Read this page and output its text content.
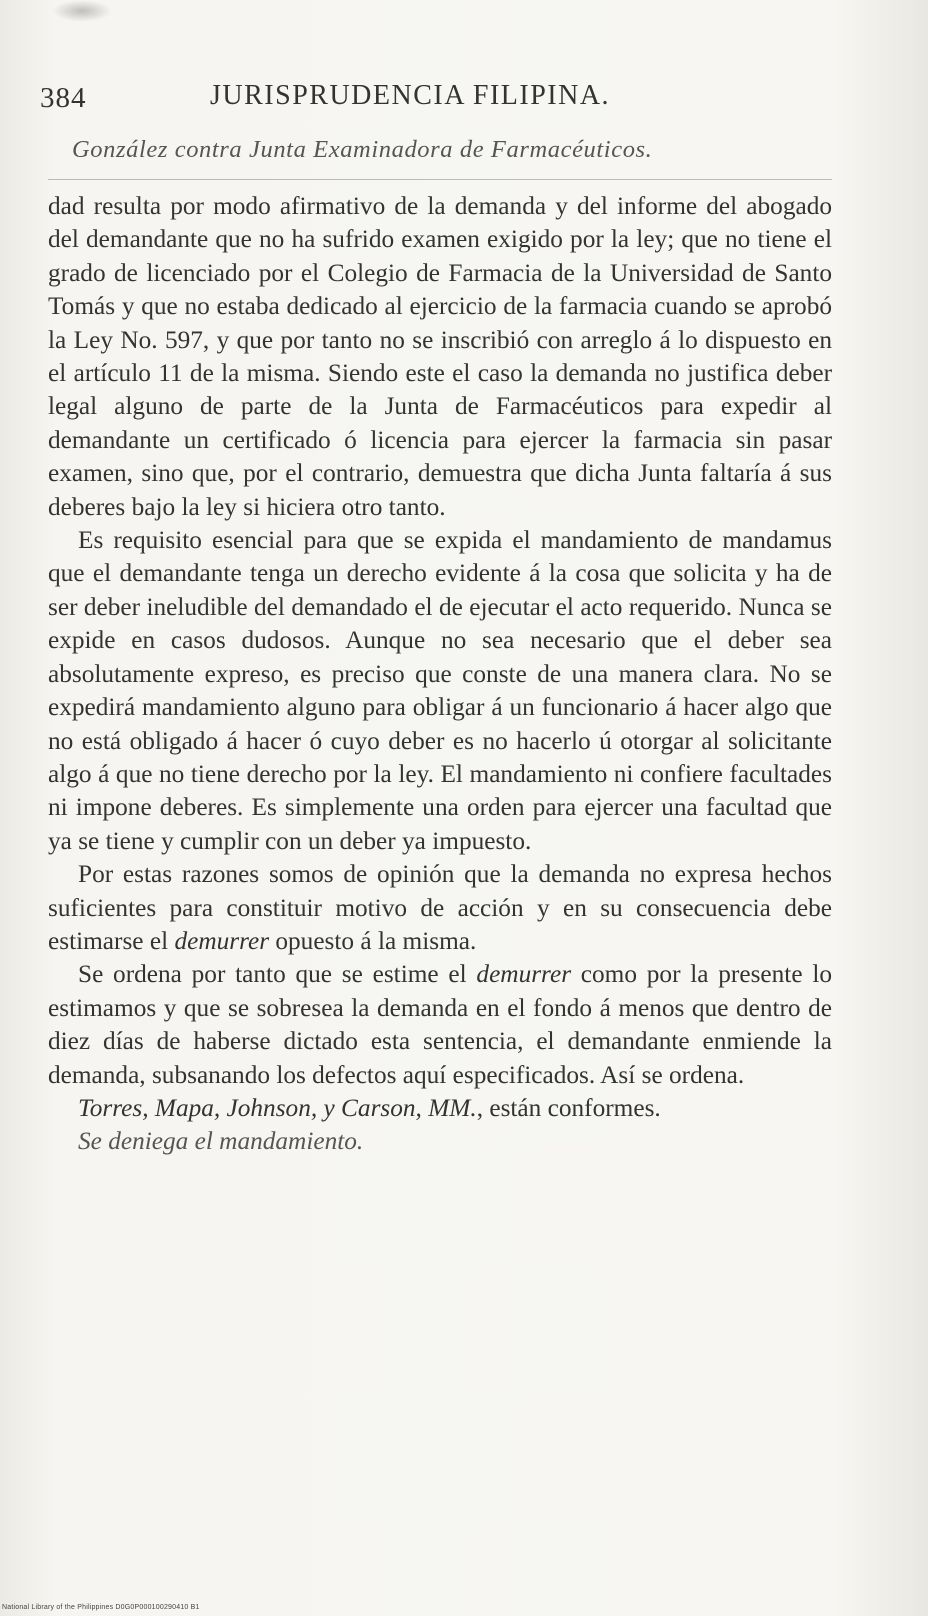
384	JURISPRUDENCIA FILIPINA.
González contra Junta Examinadora de Farmacéuticos.

dad resulta por modo afirmativo de la demanda y del informe del abogado del demandante que no ha sufrido examen exigido por la ley; que no tiene el grado de licenciado por el Colegio de Farmacia de la Universidad de Santo Tomás y que no estaba dedicado al ejercicio de la farmacia cuando se aprobó la Ley No. 597, y que por tanto no se inscribió con arreglo á lo dispuesto en el artículo 11 de la misma. Siendo este el caso la demanda no justifica deber legal alguno de parte de la Junta de Farmacéuticos para expedir al demandante un certificado ó licencia para ejercer la farmacia sin pasar examen, sino que, por el contrario, demuestra que dicha Junta faltaría á sus deberes bajo la ley si hiciera otro tanto.

Es requisito esencial para que se expida el mandamiento de mandamus que el demandante tenga un derecho evidente á la cosa que solicita y ha de ser deber ineludible del demandado el de ejecutar el acto requerido. Nunca se expide en casos dudosos. Aunque no sea necesario que el deber sea absolutamente expreso, es preciso que conste de una manera clara. No se expedirá mandamiento alguno para obligar á un funcionario á hacer algo que no está obligado á hacer ó cuyo deber es no hacerlo ú otorgar al solicitante algo á que no tiene derecho por la ley. El mandamiento ni confiere facultades ni impone deberes. Es simplemente una orden para ejercer una facultad que ya se tiene y cumplir con un deber ya impuesto.

Por estas razones somos de opinión que la demanda no expresa hechos suficientes para constituir motivo de acción y en su consecuencia debe estimarse el demurrer opuesto á la misma.

Se ordena por tanto que se estime el demurrer como por la presente lo estimamos y que se sobresea la demanda en el fondo á menos que dentro de diez días de haberse dictado esta sentencia, el demandante enmiende la demanda, subsanando los defectos aquí especificados. Así se ordena.

Torres, Mapa, Johnson, y Carson, MM., están conformes.

Se deniega el mandamiento.

National Library of the Philippines D0G0P000100290410 B1
